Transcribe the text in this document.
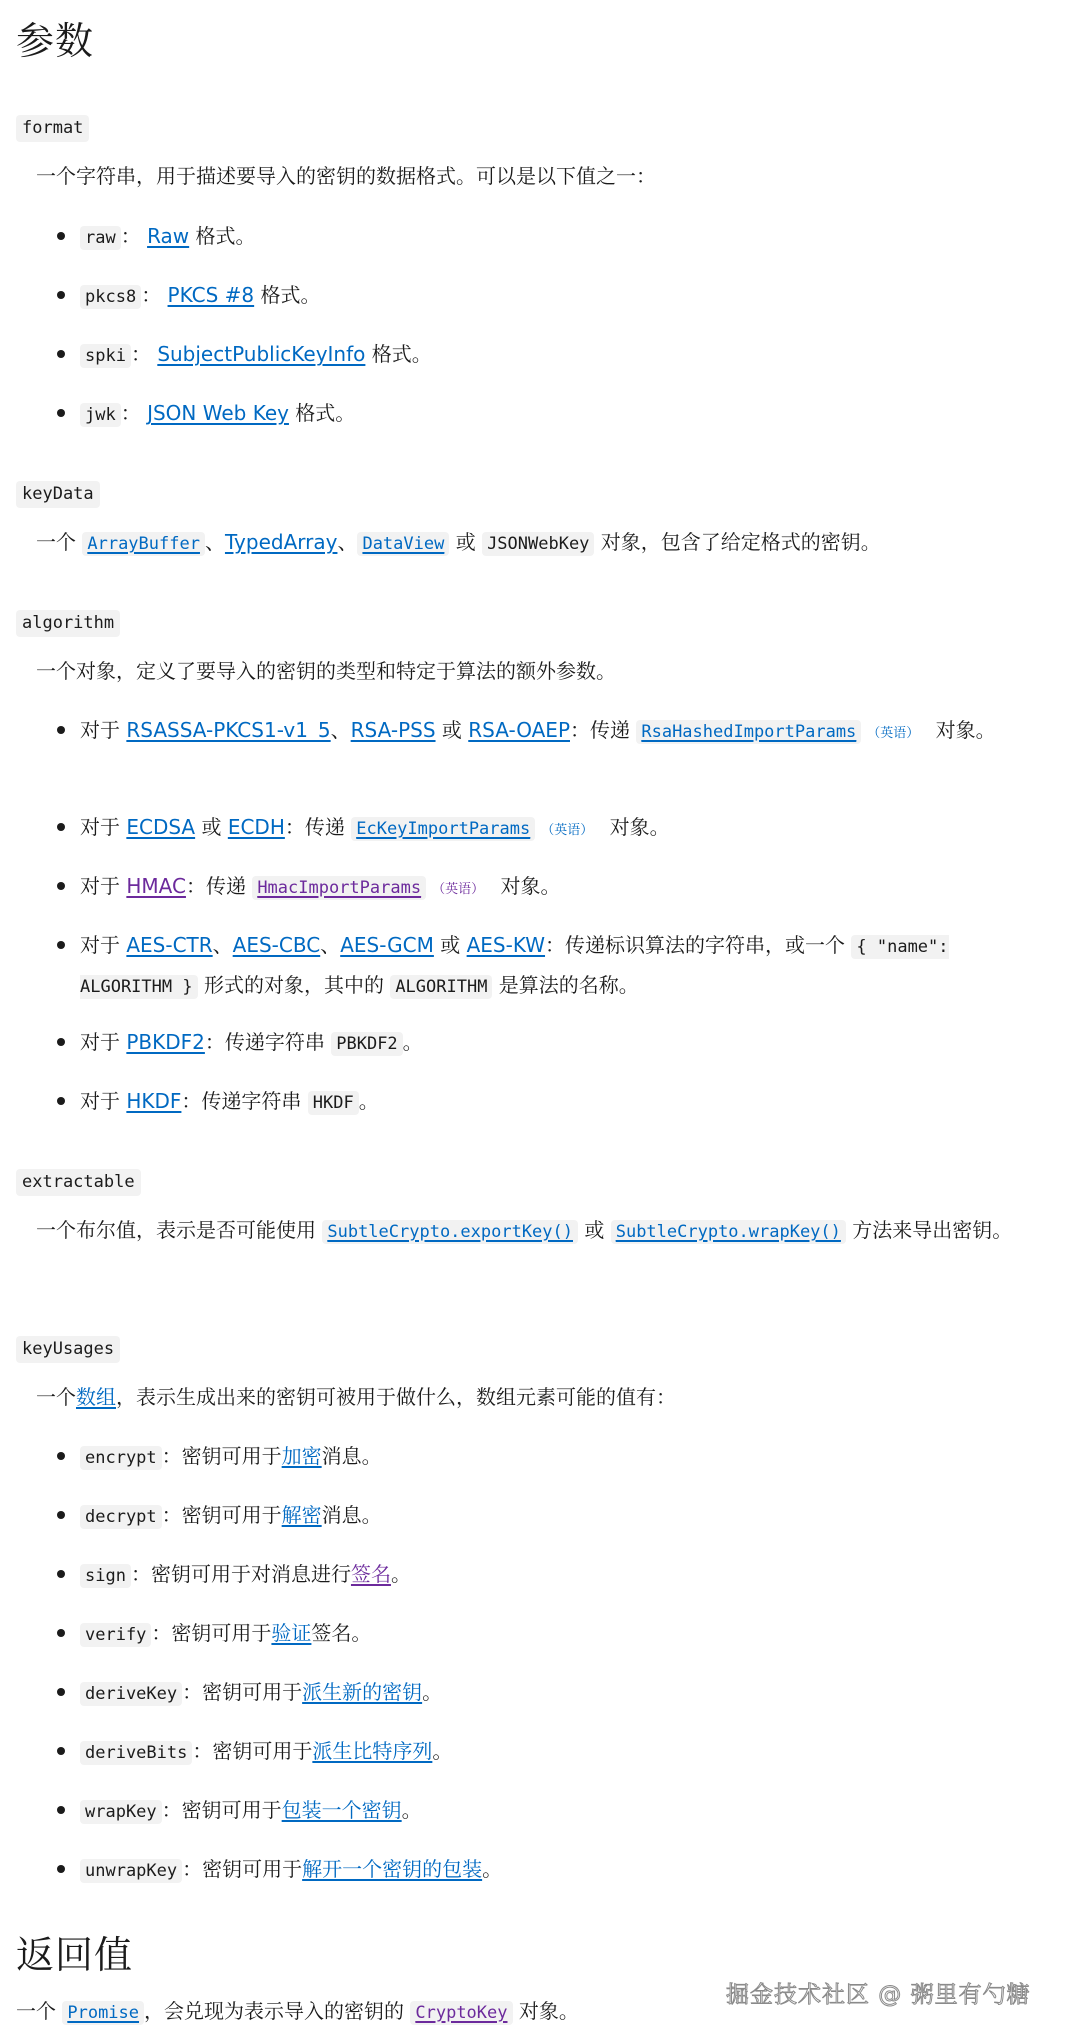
参数
format
一个字符串，用于描述要导入的密钥的数据格式。可以是以下值之一：
raw ： Raw 格式。
pkcs8 ： PKCS #8 格式。
spki ： SubjectPublicKeyInfo 格式。
jwk ： JSON Web Key 格式。
keyData
一个 ArrayBuffer 、TypedArray、 DataView 或 JSONWebKey 对象，包含了给定格式的密钥。
algorithm
一个对象，定义了要导入的密钥的类型和特定于算法的额外参数。
对于 RSASSA-PKCS1-v1_5、RSA-PSS 或 RSA-OAEP：传递 RsaHashedImportParams （英语） 对象。
对于 ECDSA 或 ECDH：传递 EcKeyImportParams （英语） 对象。
对于 HMAC：传递 HmacImportParams （英语） 对象。
对于 AES-CTR、AES-CBC、AES-GCM 或 AES-KW：传递标识算法的字符串，或一个 { "name": ALGORITHM } 形式的对象，其中的 ALGORITHM 是算法的名称。
对于 PBKDF2：传递字符串 PBKDF2 。
对于 HKDF：传递字符串 HKDF 。
extractable
一个布尔值，表示是否可能使用 SubtleCrypto.exportKey() 或 SubtleCrypto.wrapKey() 方法来导出密钥。
keyUsages
一个数组，表示生成出来的密钥可被用于做什么，数组元素可能的值有：
encrypt ：密钥可用于加密消息。
decrypt ：密钥可用于解密消息。
sign ：密钥可用于对消息进行签名。
verify ：密钥可用于验证签名。
deriveKey ：密钥可用于派生新的密钥。
deriveBits ：密钥可用于派生比特序列。
wrapKey ：密钥可用于包装一个密钥。
unwrapKey ：密钥可用于解开一个密钥的包装。
返回值
一个 Promise ，会兑现为表示导入的密钥的 CryptoKey 对象。
掘金技术社区 @ 粥里有勺糖
